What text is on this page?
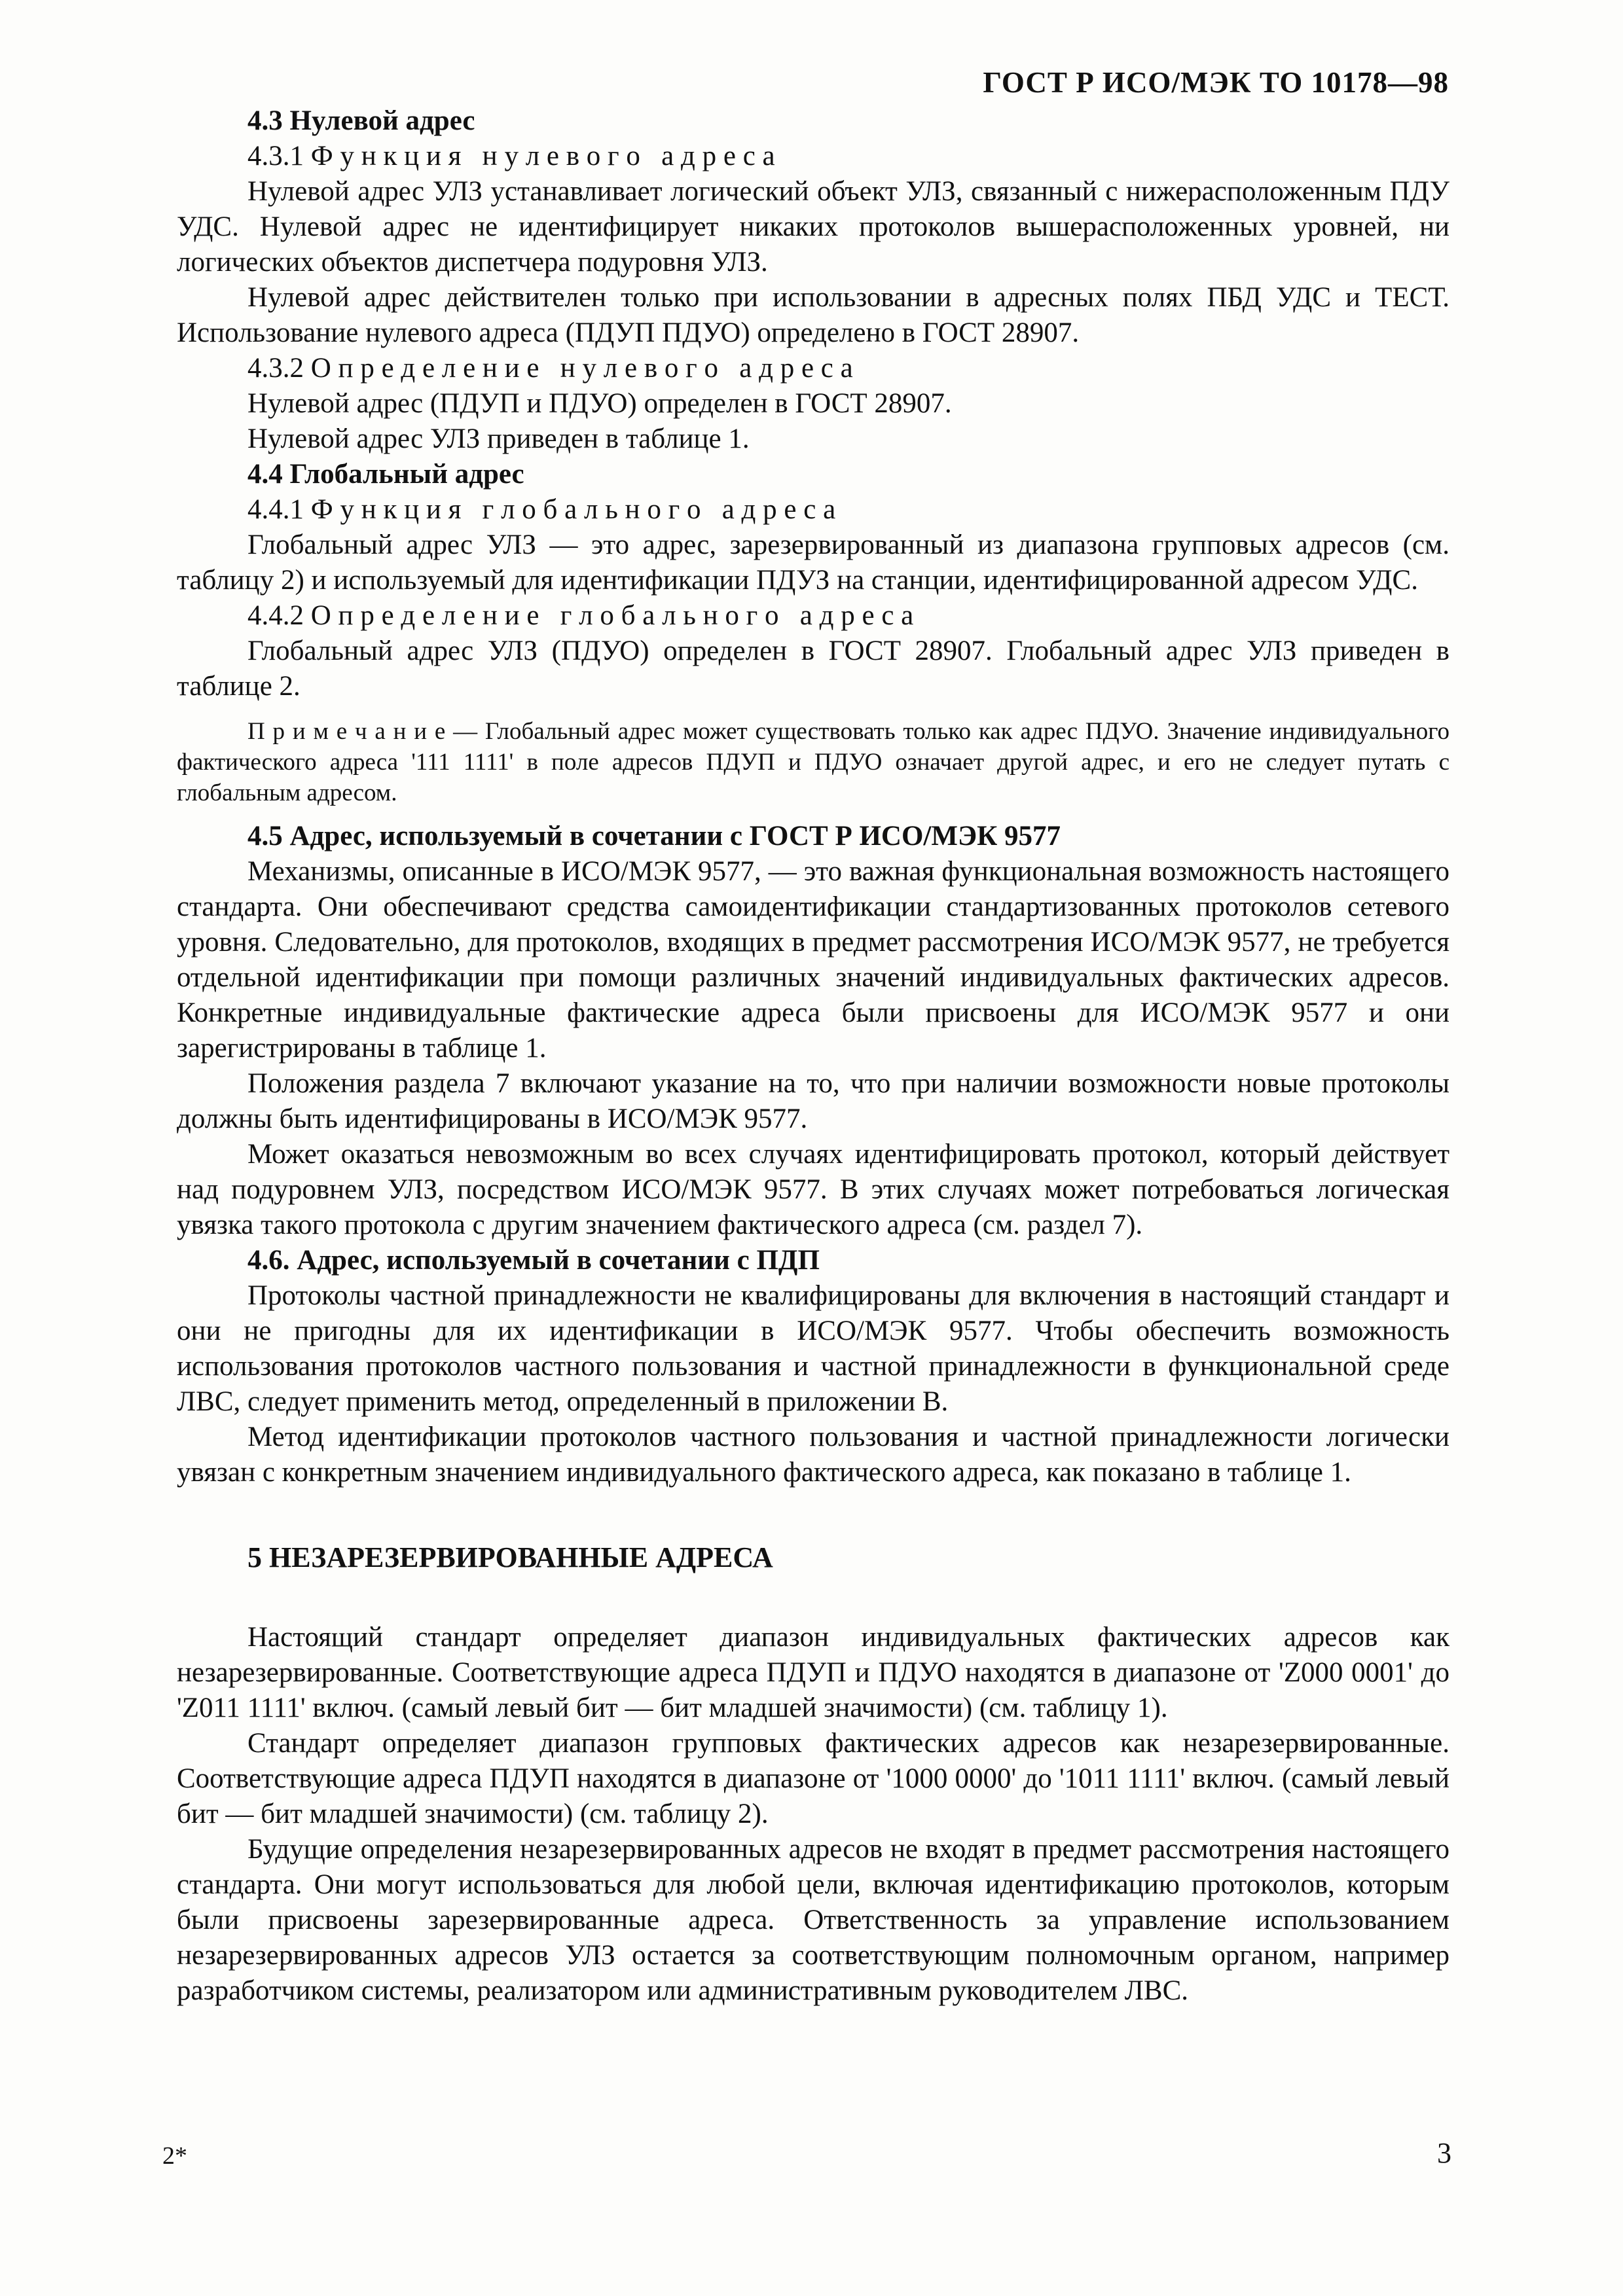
ГОСТ Р ИСО/МЭК ТО 10178—98
4.3 Нулевой адрес
4.3.1 Ф у н к ц и я   н у л е в о г о   а д р е с а
Нулевой адрес УЛЗ устанавливает логический объект УЛЗ, связанный с нижерасположенным ПДУ УДС. Нулевой адрес не идентифицирует никаких протоколов вышерасположенных уровней, ни логических объектов диспетчера подуровня УЛЗ.
Нулевой адрес действителен только при использовании в адресных полях ПБД УДС и ТЕСТ. Использование нулевого адреса (ПДУП ПДУО) определено в ГОСТ 28907.
4.3.2 О п р е д е л е н и е   н у л е в о г о   а д р е с а
Нулевой адрес (ПДУП и ПДУО) определен в ГОСТ 28907.
Нулевой адрес УЛЗ приведен в таблице 1.
4.4 Глобальный адрес
4.4.1 Ф у н к ц и я   г л о б а л ь н о г о   а д р е с а
Глобальный адрес УЛЗ — это адрес, зарезервированный из диапазона групповых адресов (см. таблицу 2) и используемый для идентификации ПДУЗ на станции, идентифицированной адресом УДС.
4.4.2 О п р е д е л е н и е   г л о б а л ь н о г о   а д р е с а
Глобальный адрес УЛЗ (ПДУО) определен в ГОСТ 28907. Глобальный адрес УЛЗ приведен в таблице 2.
П р и м е ч а н и е — Глобальный адрес может существовать только как адрес ПДУО. Значение индивидуального фактического адреса '111 1111' в поле адресов ПДУП и ПДУО означает другой адрес, и его не следует путать с глобальным адресом.
4.5 Адрес, используемый в сочетании с ГОСТ Р ИСО/МЭК 9577
Механизмы, описанные в ИСО/МЭК 9577, — это важная функциональная возможность настоящего стандарта. Они обеспечивают средства самоидентификации стандартизованных протоколов сетевого уровня. Следовательно, для протоколов, входящих в предмет рассмотрения ИСО/МЭК 9577, не требуется отдельной идентификации при помощи различных значений индивидуальных фактических адресов. Конкретные индивидуальные фактические адреса были присвоены для ИСО/МЭК 9577 и они зарегистрированы в таблице 1.
Положения раздела 7 включают указание на то, что при наличии возможности новые протоколы должны быть идентифицированы в ИСО/МЭК 9577.
Может оказаться невозможным во всех случаях идентифицировать протокол, который действует над подуровнем УЛЗ, посредством ИСО/МЭК 9577. В этих случаях может потребоваться логическая увязка такого протокола с другим значением фактического адреса (см. раздел 7).
4.6. Адрес, используемый в сочетании с ПДП
Протоколы частной принадлежности не квалифицированы для включения в настоящий стандарт и они не пригодны для их идентификации в ИСО/МЭК 9577. Чтобы обеспечить возможность использования протоколов частного пользования и частной принадлежности в функциональной среде ЛВС, следует применить метод, определенный в приложении В.
Метод идентификации протоколов частного пользования и частной принадлежности логически увязан с конкретным значением индивидуального фактического адреса, как показано в таблице 1.
5 НЕЗАРЕЗЕРВИРОВАННЫЕ АДРЕСА
Настоящий стандарт определяет диапазон индивидуальных фактических адресов как незарезервированные. Соответствующие адреса ПДУП и ПДУО находятся в диапазоне от 'Z000 0001' до 'Z011 1111' включ. (самый левый бит — бит младшей значимости) (см. таблицу 1).
Стандарт определяет диапазон групповых фактических адресов как незарезервированные. Соответствующие адреса ПДУП находятся в диапазоне от '1000 0000' до '1011 1111' включ. (самый левый бит — бит младшей значимости) (см. таблицу 2).
Будущие определения незарезервированных адресов не входят в предмет рассмотрения настоящего стандарта. Они могут использоваться для любой цели, включая идентификацию протоколов, которым были присвоены зарезервированные адреса. Ответственность за управление использованием незарезервированных адресов УЛЗ остается за соответствующим полномочным органом, например разработчиком системы, реализатором или административным руководителем ЛВС.
2*	3
